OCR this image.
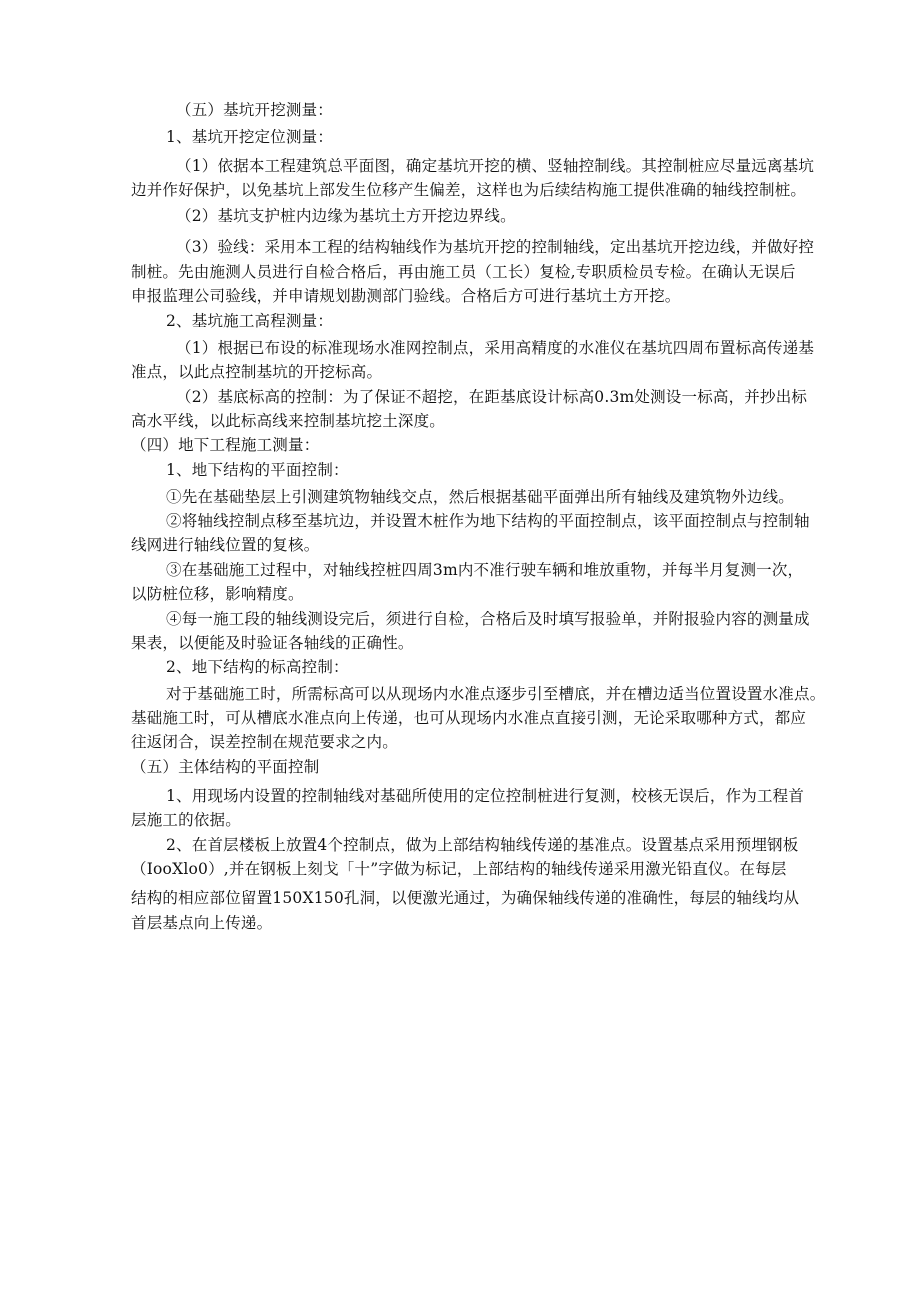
（五）基坑开挖测量：
1、基坑开挖定位测量：
（1）依据本工程建筑总平面图，确定基坑开挖的横、竖轴控制线。其控制桩应尽量远离基坑
边并作好保护，以免基坑上部发生位移产生偏差，这样也为后续结构施工提供准确的轴线控制桩。
（2）基坑支护桩内边缘为基坑土方开挖边界线。
（3）验线：采用本工程的结构轴线作为基坑开挖的控制轴线，定出基坑开挖边线，并做好控
制桩。先由施测人员进行自检合格后，再由施工员（工长）复检,专职质检员专检。在确认无误后
申报监理公司验线，并申请规划勘测部门验线。合格后方可进行基坑土方开挖。
2、基坑施工高程测量：
（1）根据已布设的标准现场水准网控制点，采用高精度的水准仪在基坑四周布置标高传递基
准点，以此点控制基坑的开挖标高。
（2）基底标高的控制：为了保证不超挖，在距基底设计标高0.3m处测设一标高，并抄出标
高水平线，以此标高线来控制基坑挖土深度。
（四）地下工程施工测量：
1、地下结构的平面控制：
①先在基础垫层上引测建筑物轴线交点，然后根据基础平面弹出所有轴线及建筑物外边线。
②将轴线控制点移至基坑边，并设置木桩作为地下结构的平面控制点，该平面控制点与控制轴
线网进行轴线位置的复核。
③在基础施工过程中，对轴线控桩四周3m内不准行驶车辆和堆放重物，并每半月复测一次，
以防桩位移，影响精度。
④每一施工段的轴线测设完后，须进行自检，合格后及时填写报验单，并附报验内容的测量成
果表，以便能及时验证各轴线的正确性。
2、地下结构的标高控制：
对于基础施工时，所需标高可以从现场内水准点逐步引至槽底，并在槽边适当位置设置水准点。
基础施工时，可从槽底水准点向上传递，也可从现场内水准点直接引测，无论采取哪种方式，都应
往返闭合，误差控制在规范要求之内。
（五）主体结构的平面控制
1、用现场内设置的控制轴线对基础所使用的定位控制桩进行复测，校核无误后，作为工程首
层施工的依据。
2、在首层楼板上放置4个控制点，做为上部结构轴线传递的基准点。设置基点采用预埋钢板
（IooXlo0）,并在钢板上刻戈「十”字做为标记，上部结构的轴线传递采用激光铅直仪。在每层
结构的相应部位留置150X150孔洞，以便激光通过，为确保轴线传递的准确性，每层的轴线均从
首层基点向上传递。
